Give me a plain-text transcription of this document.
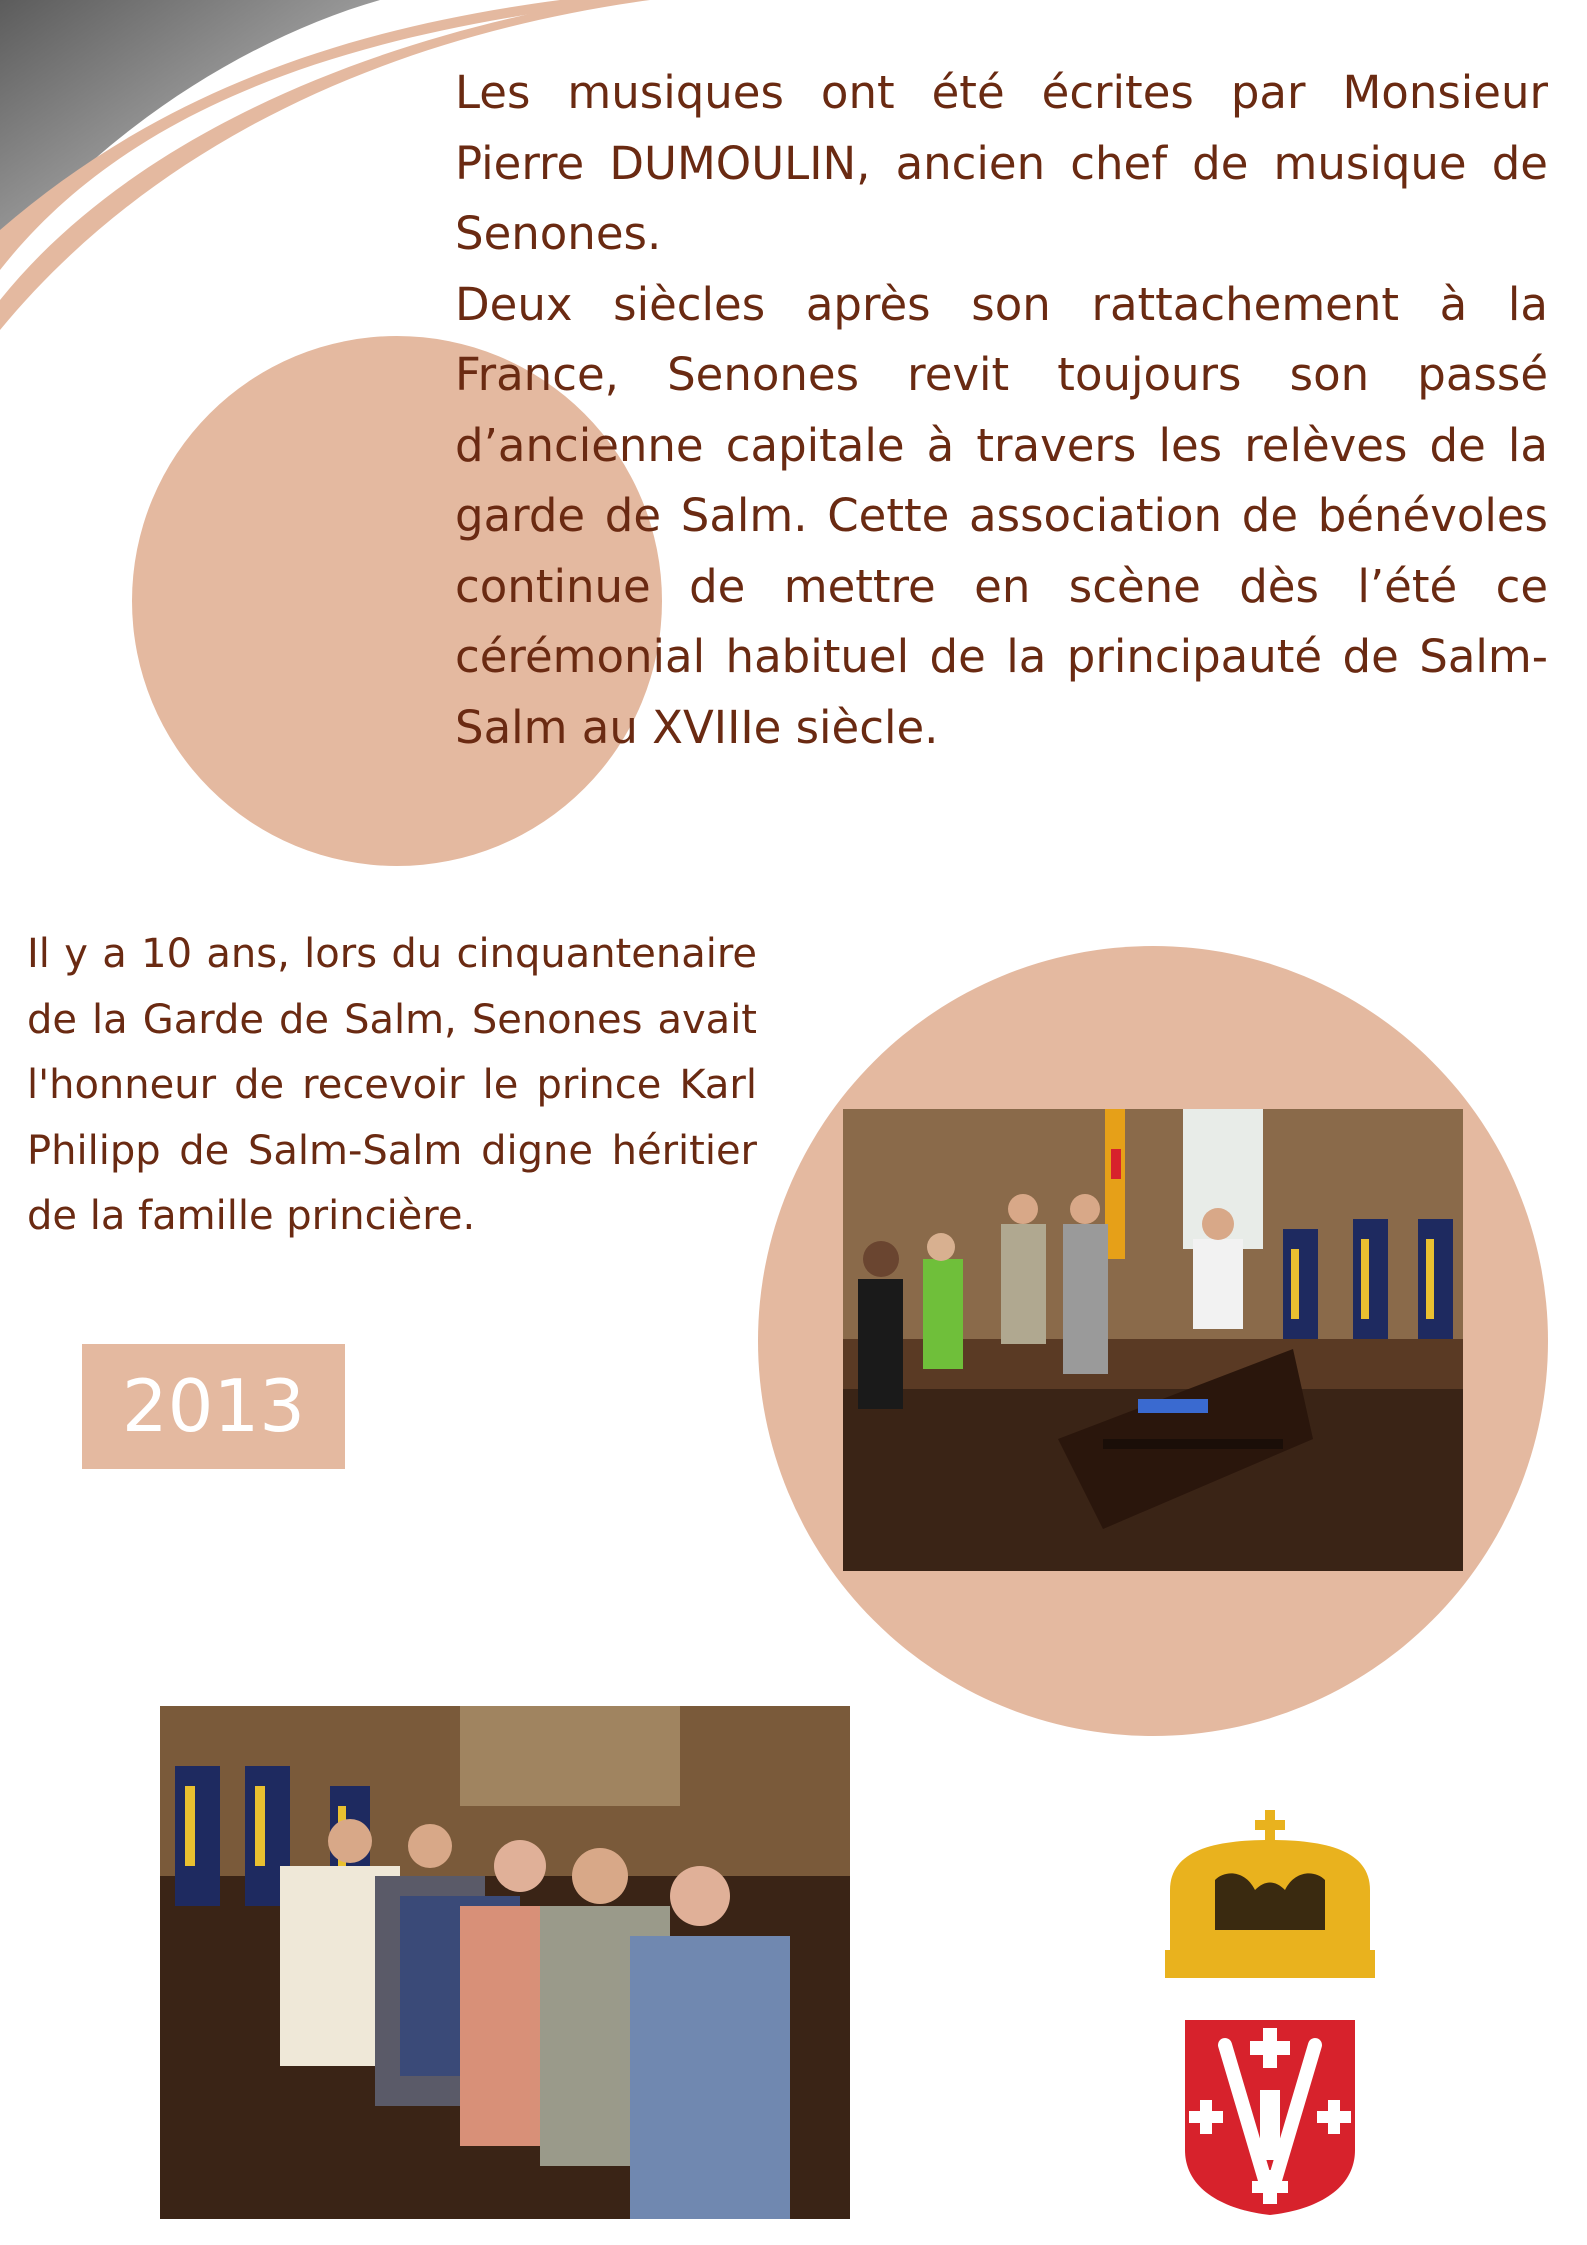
Les musiques ont été écrites par Monsieur Pierre DUMOULIN, ancien chef de musique de Senones.

Deux siècles après son rattachement à la France, Senones revit toujours son passé d’ancienne capitale à travers les relèves de la garde de Salm. Cette association de bénévoles continue de mettre en scène dès l’été ce cérémonial habituel de la principauté de Salm-Salm au XVIIIe siècle.

Il y a 10 ans, lors du cinquantenaire de la Garde de Salm, Senones avait l'honneur de recevoir le prince Karl Philipp de Salm-Salm digne héritier de la famille princière.
2013
